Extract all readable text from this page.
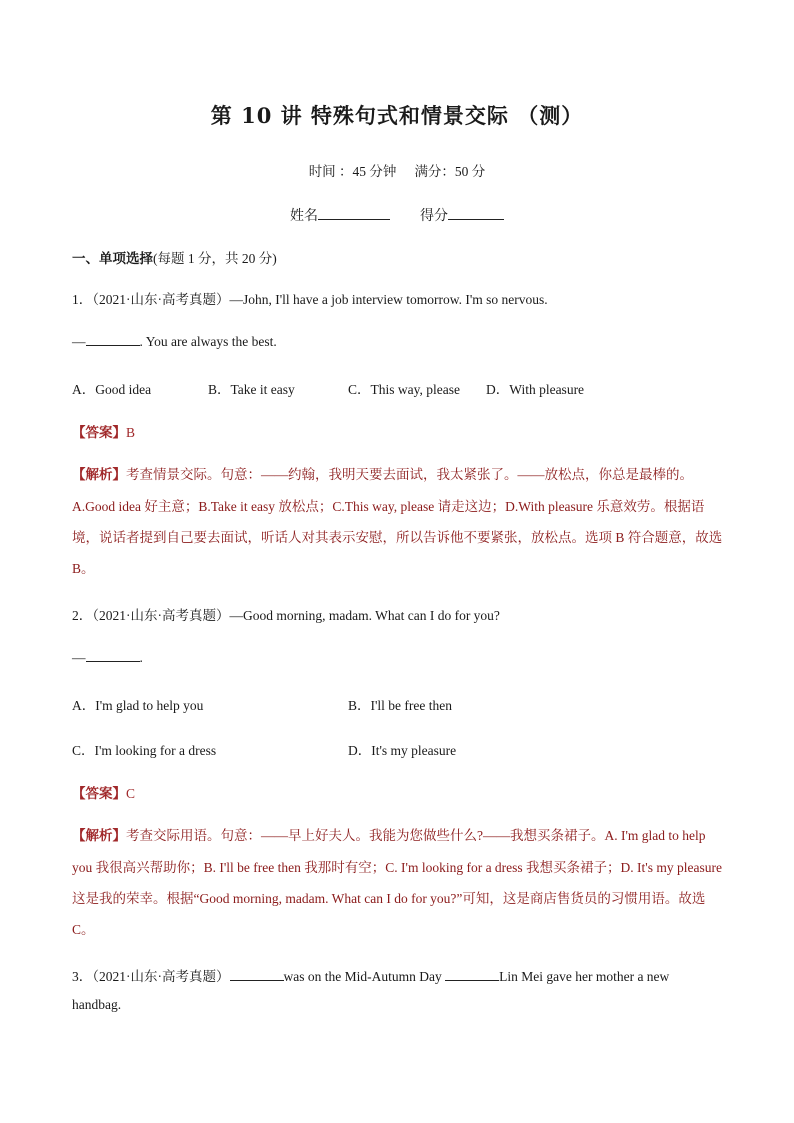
第 10 讲 特殊句式和情景交际 （测）
时间 ：45 分钟 满分：50 分
姓名	得分
一、单项选择(每题 1 分，共 20 分)
1．（2021·山东·高考真题）—John, I'll have a job interview tomorrow. I'm so nervous.
—	. You are always the best.
A．Good idea	B．Take it easy	C．This way, please D．With pleasure
【答案】B
【解析】考查情景交际。句意：——约翰，我明天要去面试，我太紧张了。——放松点，你总是最棒的。A.Good idea 好主意；B.Take it easy 放松点；C.This way, please 请走这边；D.With pleasure 乐意效劳。根据语境，说话者提到自己要去面试，听话人对其表示安慰，所以告诉他不要紧张，放松点。选项 B 符合题意，故选 B。
2．（2021·山东·高考真题）—Good morning, madam. What can I do for you?
—	.
A．I'm glad to help you	B．I'll be free then
C．I'm looking for a dress	D．It's my pleasure
【答案】C
【解析】考查交际用语。句意：——早上好夫人。我能为您做些什么?——我想买条裙子。A. I'm glad to help you 我很高兴帮助你；B. I'll be free then 我那时有空；C. I'm looking for a dress 我想买条裙子；D. It's my pleasure 这是我的荣幸。根据“Good morning, madam. What can I do for you?”可知，这是商店售货员的习惯用语。故选 C。
3．（2021·山东·高考真题）	was on the Mid-Autumn Day	Lin Mei gave her mother a new
handbag.
